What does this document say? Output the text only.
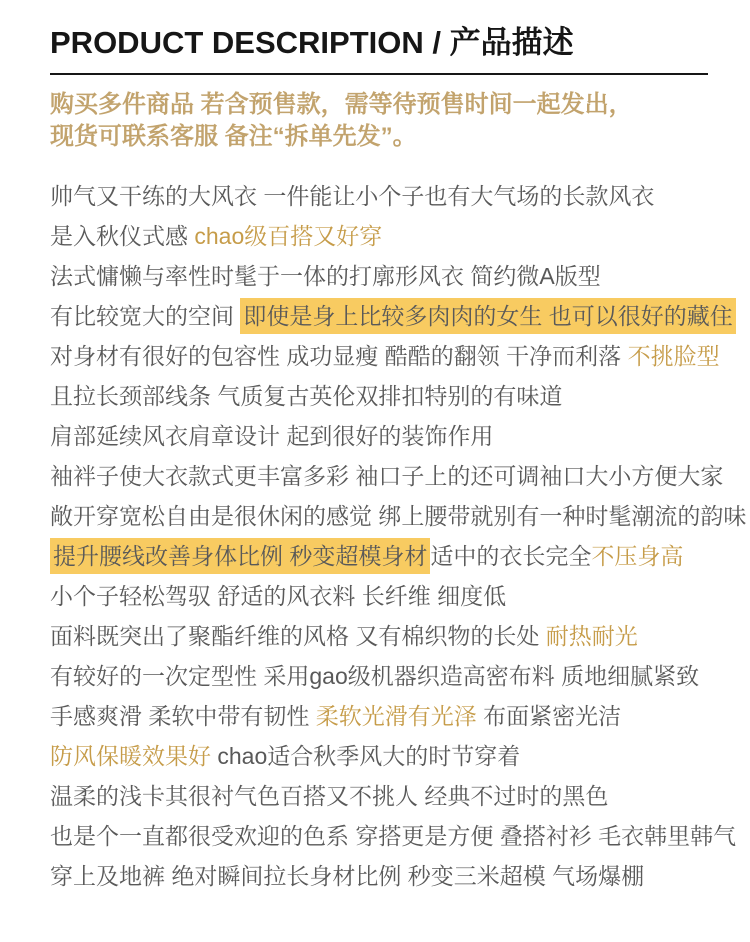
PRODUCT DESCRIPTION / 产品描述

购买多件商品 若含预售款，需等待预售时间一起发出，

现货可联系客服 备注“拆单先发”。

帅气又干练的大风衣 一件能让小个子也有大气场的长款风衣

是入秋仪式感 chao级百搭又好穿

法式慵懒与率性时髦于一体的打廓形风衣 简约微A版型

有比较宽大的空间 即使是身上比较多肉肉的女生 也可以很好的藏住

对身材有很好的包容性 成功显瘦 酷酷的翻领 干净而利落 不挑脸型

且拉长颈部线条 气质复古英伦双排扣特别的有味道

肩部延续风衣肩章设计 起到很好的装饰作用

袖袢子使大衣款式更丰富多彩 袖口子上的还可调袖口大小方便大家

敞开穿宽松自由是很休闲的感觉 绑上腰带就别有一种时髦潮流的韵味

提升腰线改善身体比例 秒变超模身材 适中的衣长完全不压身高

小个子轻松驾驭 舒适的风衣料 长纤维 细度低

面料既突出了聚酯纤维的风格 又有棉织物的长处 耐热耐光

有较好的一次定型性 采用gao级机器织造高密布料 质地细腻紧致

手感爽滑 柔软中带有韧性 柔软光滑有光泽 布面紧密光洁

防风保暖效果好 chao适合秋季风大的时节穿着

温柔的浅卡其很衬气色百搭又不挑人 经典不过时的黑色

也是个一直都很受欢迎的色系 穿搭更是方便 叠搭衬衫 毛衣韩里韩气

穿上及地裤 绝对瞬间拉长身材比例 秒变三米超模 气场爆棚
